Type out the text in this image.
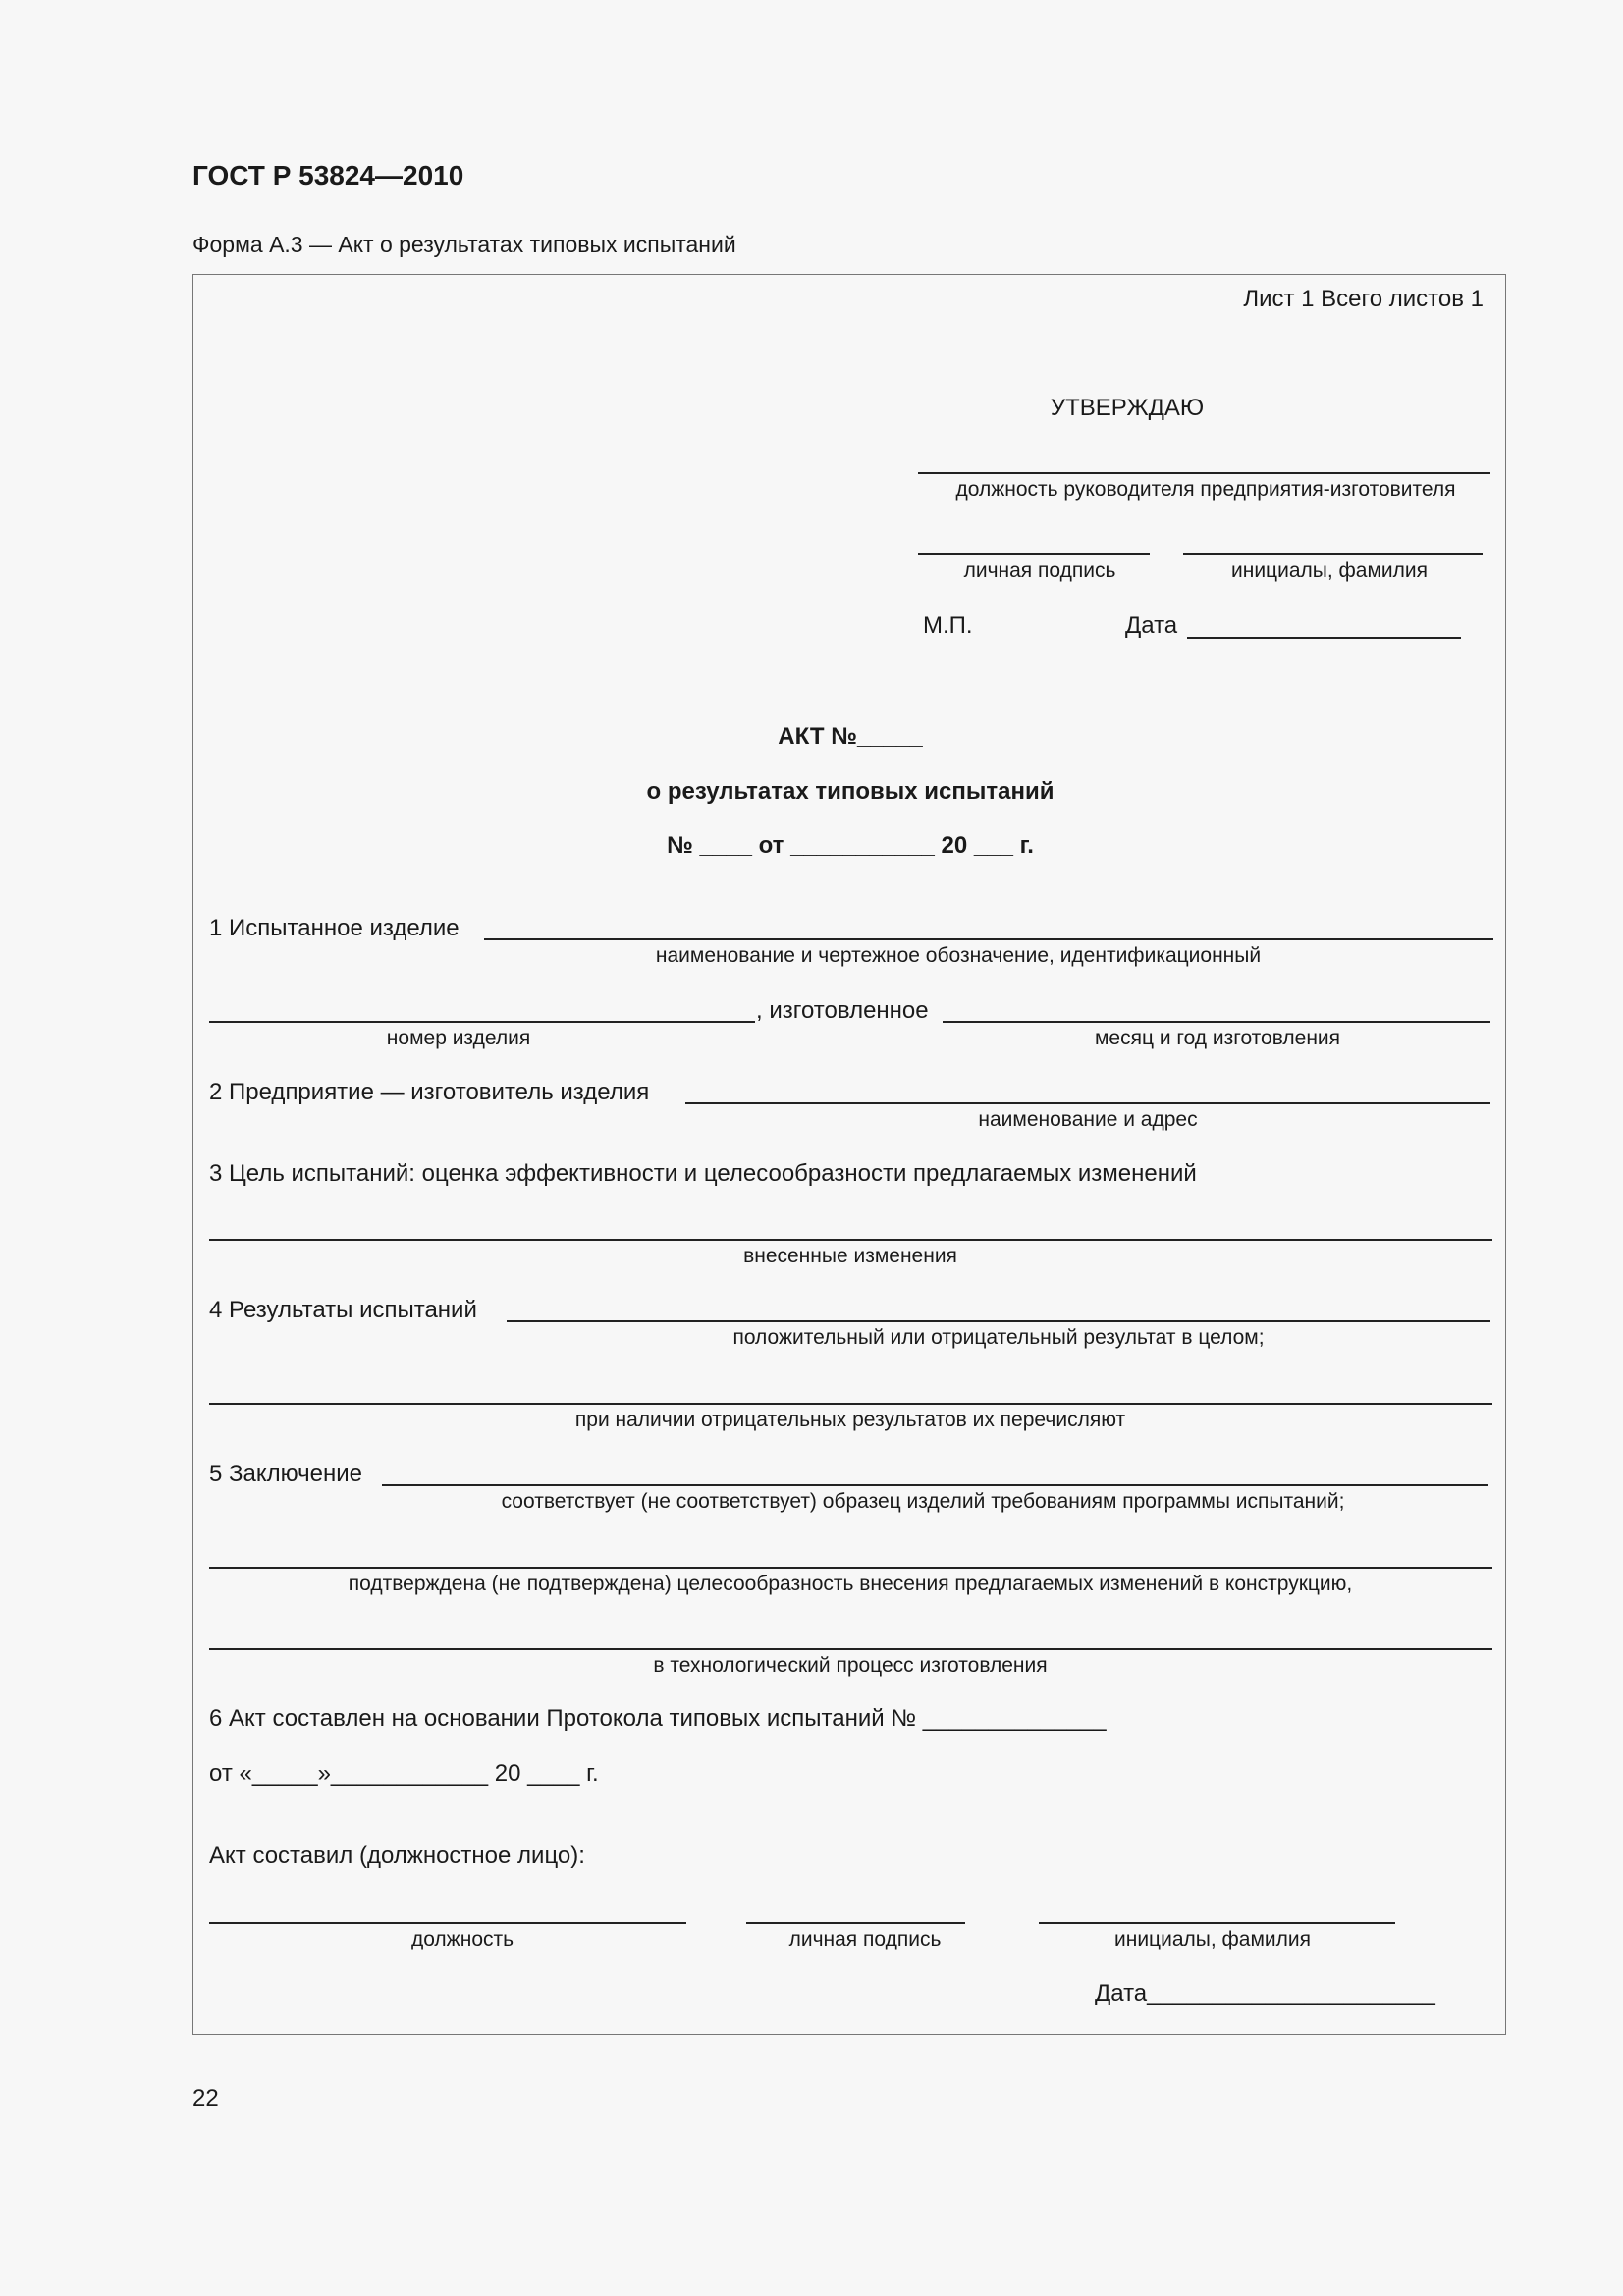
ГОСТ Р 53824—2010
Форма А.3 — Акт о результатах типовых испытаний
Лист 1 Всего листов 1
УТВЕРЖДАЮ
должность руководителя предприятия-изготовителя
личная подпись	инициалы, фамилия
М.П.	Дата
АКТ №_____
о результатах типовых испытаний
№ ____ от ___________ 20 ___ г.
1 Испытанное изделие
наименование и чертежное обозначение, идентификационный
, изготовленное
номер изделия	месяц и год изготовления
2 Предприятие — изготовитель изделия
наименование и адрес
3 Цель испытаний: оценка эффективности и целесообразности предлагаемых изменений
внесенные изменения
4 Результаты испытаний
положительный или отрицательный результат в целом;
при наличии отрицательных результатов их перечисляют
5 Заключение
соответствует (не соответствует) образец изделий требованиям программы испытаний;
подтверждена (не подтверждена) целесообразность внесения предлагаемых изменений в конструкцию,
в технологический процесс изготовления
6 Акт составлен на основании Протокола типовых испытаний № ______________
от «_____»____________ 20 ____ г.
Акт составил (должностное лицо):
должность	личная подпись	инициалы, фамилия
Дата______________________
22
